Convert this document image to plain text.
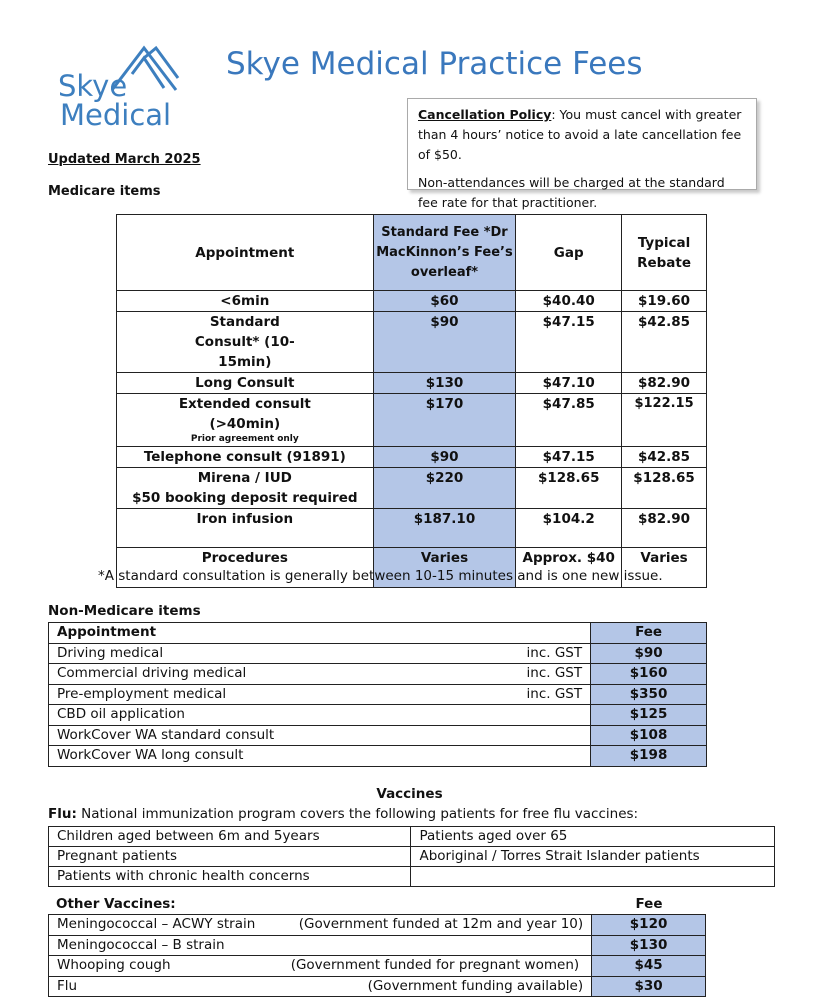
Skye
Medical
Skye Medical Practice Fees
Cancellation Policy: You must cancel with greater than 4 hours’ notice to avoid a late cancellation fee of $50.
Non-attendances will be charged at the standard fee rate for that practitioner.
Updated March 2025
Medicare items
Appointment	Standard Fee *Dr MacKinnon’s Fee’s overleaf*	Gap	Typical Rebate
<6min	$60	$40.40	$19.60
Standard Consult* (10-15min)	$90	$47.15	$42.85
Long Consult	$130	$47.10	$82.90

Extended consult (>40min)
Prior agreement only	$170	$47.85	$122.15
Telephone consult (91891)	$90	$47.15	$42.85

Mirena / IUD
$50 booking deposit required	$220	$128.65	$128.65
Iron infusion	$187.10	$104.2	$82.90
Procedures	Varies	Approx. $40	Varies
*A standard consultation is generally between 10-15 minutes and is one new issue.
Non-Medicare items
Appointment		Fee
Driving medical	inc. GST	$90
Commercial driving medical	inc. GST	$160
Pre-employment medical	inc. GST	$350
CBD oil application		$125
WorkCover WA standard consult		$108
WorkCover WA long consult		$198
Vaccines
Flu: National immunization program covers the following patients for free flu vaccines:
Children aged between 6m and 5years	Patients aged over 65
Pregnant patients	Aboriginal / Torres Strait Islander patients
Patients with chronic health concerns	
Other Vaccines:	Fee
Meningococcal – ACWY strain	(Government funded at 12m and year 10)	$120
Meningococcal – B strain		$130
Whooping cough	(Government funded for pregnant women)	$45
Flu	(Government funding available)	$30
